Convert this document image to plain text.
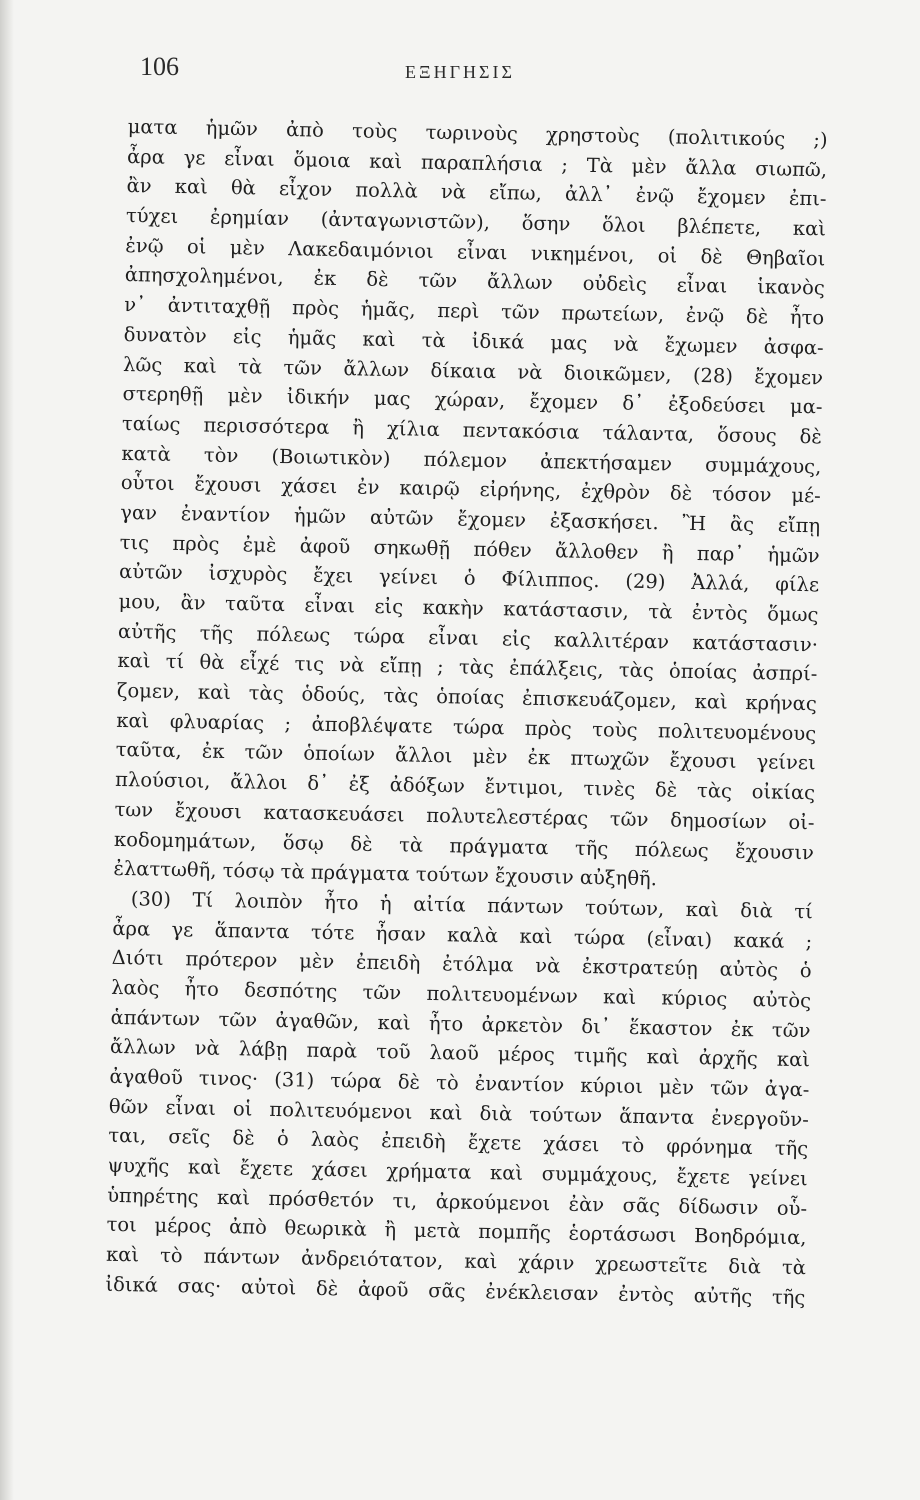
106	ΕΞΗΓΗΣΙΣ
ματα ἡμῶν ἀπὸ τοὺς τωρινοὺς χρηστοὺς (πολιτικούς ;)
ἆρα γε εἶναι ὅμοια καὶ παραπλήσια ; Τὰ μὲν ἄλλα σιωπῶ,
ἂν καὶ θὰ εἶχον πολλὰ νὰ εἴπω, ἀλλ᾽ ἐνῷ ἔχομεν ἐπι-
τύχει ἐρημίαν (ἀνταγωνιστῶν), ὅσην ὅλοι βλέπετε, καὶ
ἐνῷ οἱ μὲν Λακεδαιμόνιοι εἶναι νικημένοι, οἱ δὲ Θηβαῖοι
ἀπησχολημένοι, ἐκ δὲ τῶν ἄλλων οὐδεὶς εἶναι ἱκανὸς
ν᾽ ἀντιταχθῇ πρὸς ἡμᾶς, περὶ τῶν πρωτείων, ἐνῷ δὲ ἦτο
δυνατὸν εἰς ἡμᾶς καὶ τὰ ἰδικά μας νὰ ἔχωμεν ἀσφα-
λῶς καὶ τὰ τῶν ἄλλων δίκαια νὰ διοικῶμεν, (28) ἔχομεν
στερηθῇ μὲν ἰδικήν μας χώραν, ἔχομεν δ᾽ ἐξοδεύσει μα-
ταίως περισσότερα ἢ χίλια πεντακόσια τάλαντα, ὅσους δὲ
κατὰ τὸν (Βοιωτικὸν) πόλεμον ἀπεκτήσαμεν συμμάχους,
οὗτοι ἔχουσι χάσει ἐν καιρῷ εἰρήνης, ἐχθρὸν δὲ τόσον μέ-
γαν ἐναντίον ἡμῶν αὐτῶν ἔχομεν ἐξασκήσει. Ἢ ἂς εἴπῃ
τις πρὸς ἐμὲ ἀφοῦ σηκωθῇ πόθεν ἄλλοθεν ἢ παρ᾽ ἡμῶν
αὐτῶν ἰσχυρὸς ἔχει γείνει ὁ Φίλιππος. (29) Ἀλλά, φίλε
μου, ἂν ταῦτα εἶναι εἰς κακὴν κατάστασιν, τὰ ἐντὸς ὅμως
αὐτῆς τῆς πόλεως τώρα εἶναι εἰς καλλιτέραν κατάστασιν·
καὶ τί θὰ εἶχέ τις νὰ εἴπῃ ; τὰς ἐπάλξεις, τὰς ὁποίας ἀσπρί-
ζομεν, καὶ τὰς ὁδούς, τὰς ὁποίας ἐπισκευάζομεν, καὶ κρήνας
καὶ φλυαρίας ; ἀποβλέψατε τώρα πρὸς τοὺς πολιτευομένους
ταῦτα, ἐκ τῶν ὁποίων ἄλλοι μὲν ἐκ πτωχῶν ἔχουσι γείνει
πλούσιοι, ἄλλοι δ᾽ ἐξ ἀδόξων ἔντιμοι, τινὲς δὲ τὰς οἰκίας
των ἔχουσι κατασκευάσει πολυτελεστέρας τῶν δημοσίων οἰ-
κοδομημάτων, ὅσῳ δὲ τὰ πράγματα τῆς πόλεως ἔχουσιν
ἐλαττωθῆ, τόσῳ τὰ πράγματα τούτων ἔχουσιν αὐξηθῆ.
(30) Τί λοιπὸν ἦτο ἡ αἰτία πάντων τούτων, καὶ διὰ τί
ἆρα γε ἅπαντα τότε ἦσαν καλὰ καὶ τώρα (εἶναι) κακά ;
Διότι πρότερον μὲν ἐπειδὴ ἐτόλμα νὰ ἐκστρατεύῃ αὐτὸς ὁ
λαὸς ἦτο δεσπότης τῶν πολιτευομένων καὶ κύριος αὐτὸς
ἁπάντων τῶν ἀγαθῶν, καὶ ἦτο ἀρκετὸν δι᾽ ἕκαστον ἐκ τῶν
ἄλλων νὰ λάβῃ παρὰ τοῦ λαοῦ μέρος τιμῆς καὶ ἀρχῆς καὶ
ἀγαθοῦ τινος· (31) τώρα δὲ τὸ ἐναντίον κύριοι μὲν τῶν ἀγα-
θῶν εἶναι οἱ πολιτευόμενοι καὶ διὰ τούτων ἅπαντα ἐνεργοῦν-
ται, σεῖς δὲ ὁ λαὸς ἐπειδὴ ἔχετε χάσει τὸ φρόνημα τῆς
ψυχῆς καὶ ἔχετε χάσει χρήματα καὶ συμμάχους, ἔχετε γείνει
ὑπηρέτης καὶ πρόσθετόν τι, ἀρκούμενοι ἐὰν σᾶς δίδωσιν οὗ-
τοι μέρος ἀπὸ θεωρικὰ ἢ μετὰ πομπῆς ἑορτάσωσι Βοηδρόμια,
καὶ τὸ πάντων ἀνδρειότατον, καὶ χάριν χρεωστεῖτε διὰ τὰ
ἰδικά σας· αὐτοὶ δὲ ἀφοῦ σᾶς ἐνέκλεισαν ἐντὸς αὐτῆς τῆς
